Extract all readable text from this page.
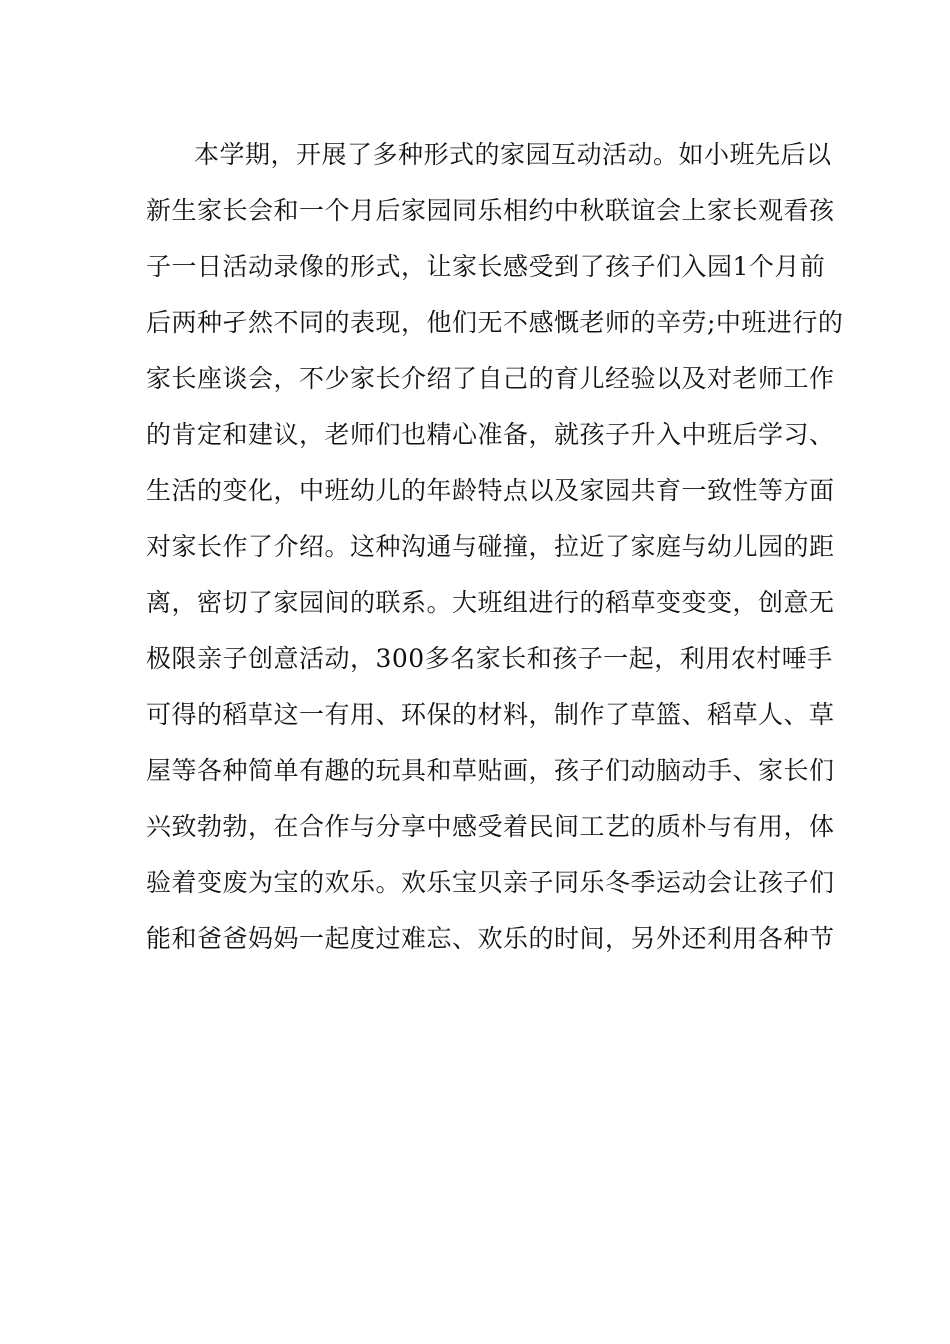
本学期，开展了多种形式的家园互动活动。如小班先后以
新生家长会和一个月后家园同乐相约中秋联谊会上家长观看孩
子一日活动录像的形式，让家长感受到了孩子们入园1个月前
后两种孑然不同的表现，他们无不感慨老师的辛劳;中班进行的
家长座谈会，不少家长介绍了自己的育儿经验以及对老师工作
的肯定和建议，老师们也精心准备，就孩子升入中班后学习、
生活的变化，中班幼儿的年龄特点以及家园共育一致性等方面
对家长作了介绍。这种沟通与碰撞，拉近了家庭与幼儿园的距
离，密切了家园间的联系。大班组进行的稻草变变变，创意无
极限亲子创意活动，300多名家长和孩子一起，利用农村唾手
可得的稻草这一有用、环保的材料，制作了草篮、稻草人、草
屋等各种简单有趣的玩具和草贴画，孩子们动脑动手、家长们
兴致勃勃，在合作与分享中感受着民间工艺的质朴与有用，体
验着变废为宝的欢乐。欢乐宝贝亲子同乐冬季运动会让孩子们
能和爸爸妈妈一起度过难忘、欢乐的时间，另外还利用各种节
